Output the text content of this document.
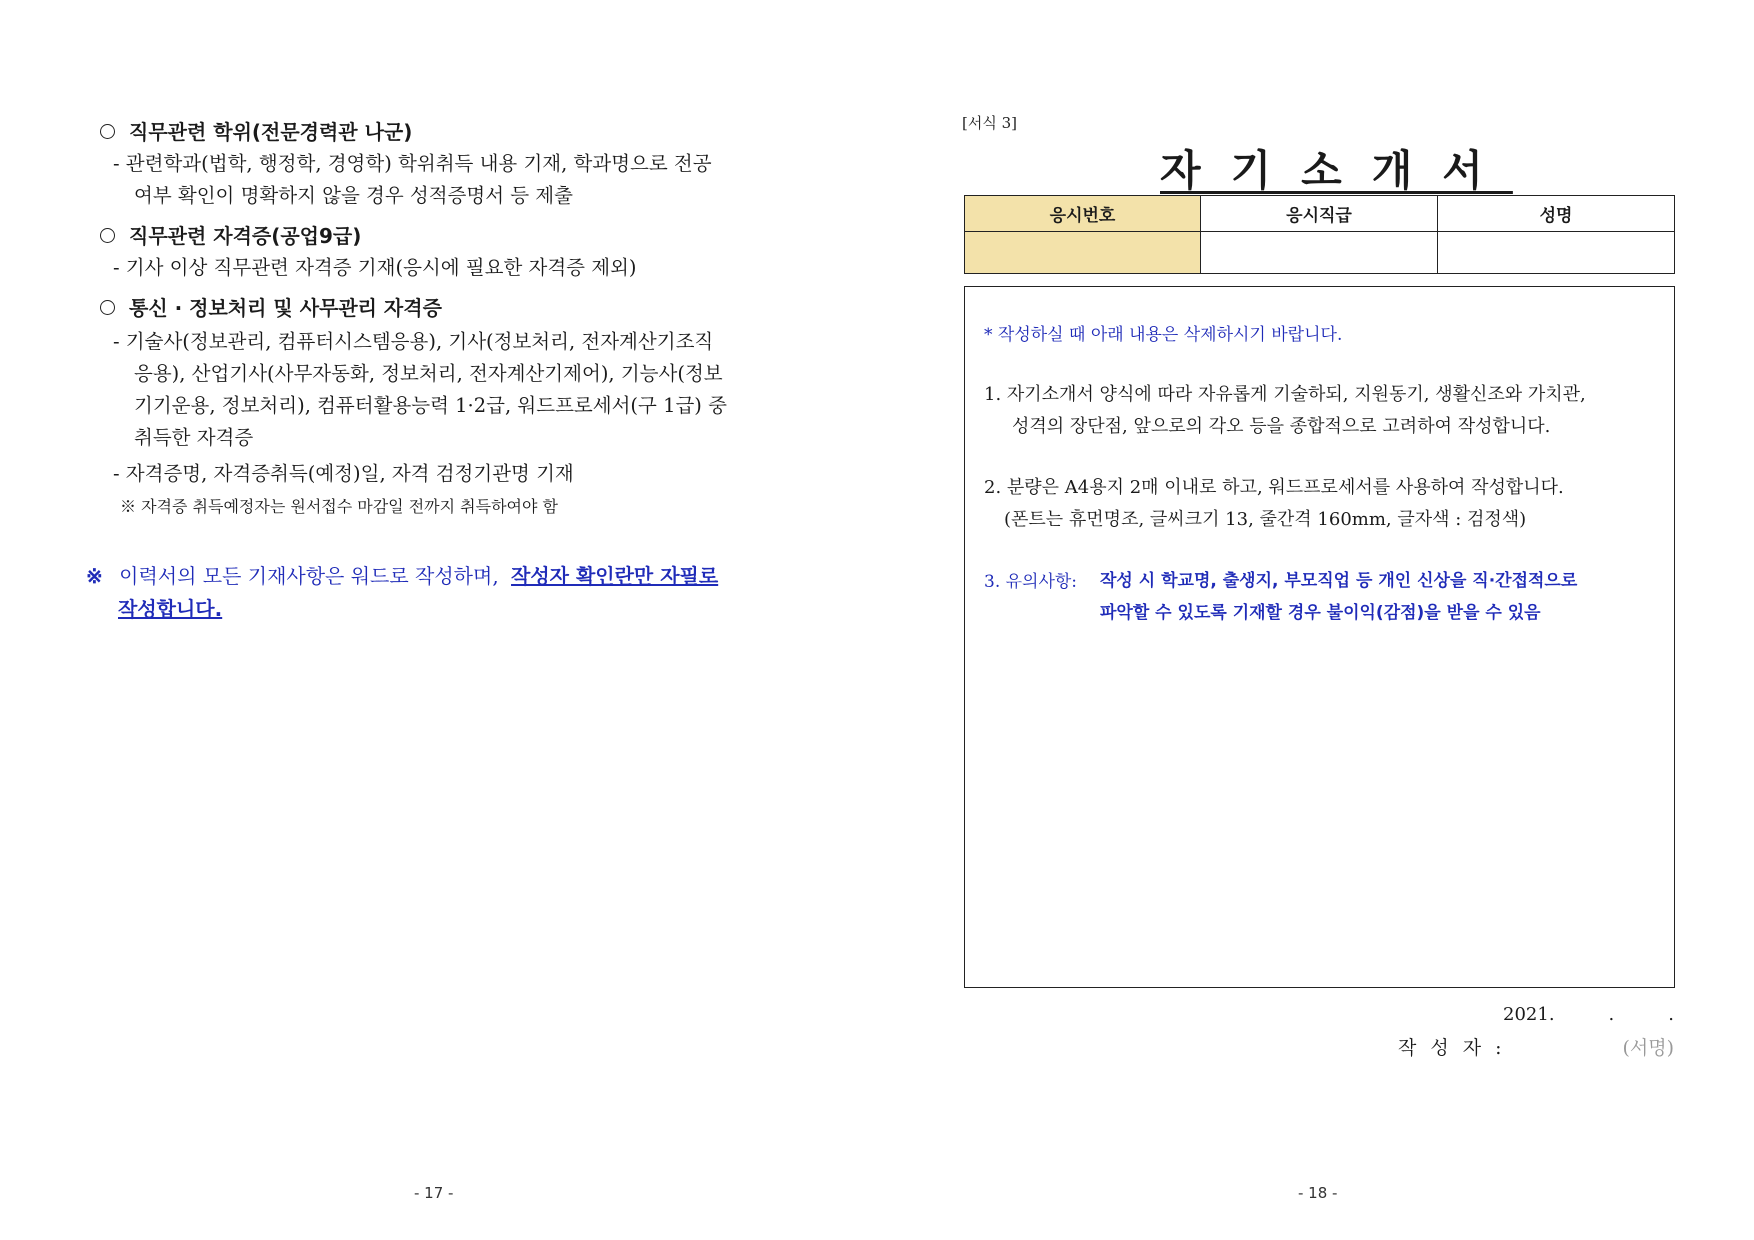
직무관련 학위(전문경력관 나군)
- 관련학과(법학, 행정학, 경영학) 학위취득 내용 기재, 학과명으로 전공
여부 확인이 명확하지 않을 경우 성적증명서 등 제출
직무관련 자격증(공업9급)
- 기사 이상 직무관련 자격증 기재(응시에 필요한 자격증 제외)
통신 · 정보처리 및 사무관리 자격증
- 기술사(정보관리, 컴퓨터시스템응용), 기사(정보처리, 전자계산기조직
응용), 산업기사(사무자동화, 정보처리, 전자계산기제어), 기능사(정보
기기운용, 정보처리), 컴퓨터활용능력 1·2급, 워드프로세서(구 1급) 중
취득한 자격증
- 자격증명, 자격증취득(예정)일, 자격 검정기관명 기재
※ 자격증 취득예정자는 원서접수 마감일 전까지 취득하여야 함
※ 이력서의 모든 기재사항은 워드로 작성하며, 작성자 확인란만 자필로
작성합니다.
- 17 -
[서식 3]
자기소개서
응시번호	응시직급	성명

* 작성하실 때 아래 내용은 삭제하시기 바랍니다.
1. 자기소개서 양식에 따라 자유롭게 기술하되, 지원동기, 생활신조와 가치관,
성격의 장단점, 앞으로의 각오 등을 종합적으로 고려하여 작성합니다.
2. 분량은 A4용지 2매 이내로 하고, 워드프로세서를 사용하여 작성합니다.
(폰트는 휴먼명조, 글씨크기 13, 줄간격 160mm, 글자색 : 검정색)
3. 유의사항: 작성 시 학교명, 출생지, 부모직업 등 개인 신상을 직·간접적으로
파악할 수 있도록 기재할 경우 불이익(감점)을 받을 수 있음
2021.　　　.　　　.
작 성 자 :	(서명)
- 18 -
